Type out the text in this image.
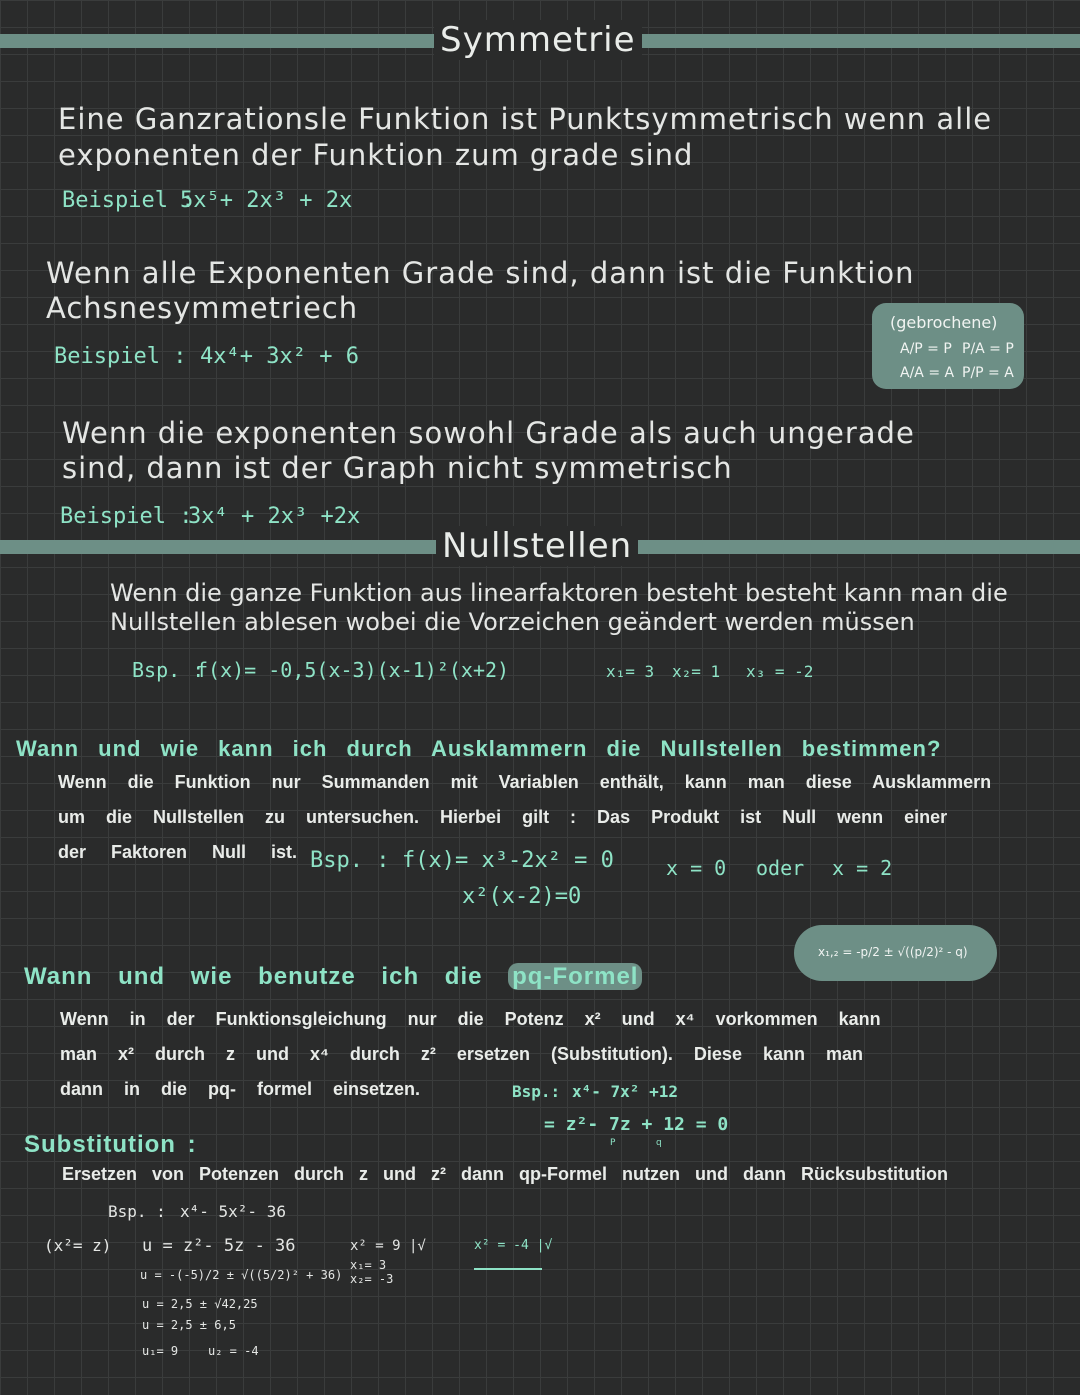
Symmetrie
Eine Ganzrationsle Funktion ist Punktsymmetrisch wenn alle
exponenten der Funktion zum grade sind
Beispiel :
5x⁵+ 2x³ + 2x
Wenn alle Exponenten Grade sind, dann ist die Funktion
Achsnesymmetriech
Beispiel : 4x⁴+ 3x² + 6
(gebrochene)
A/P = P P/A = P
A/A = A P/P = A
Wenn die exponenten sowohl Grade als auch ungerade
sind, dann ist der Graph nicht symmetrisch
Beispiel :
3x⁴ + 2x³ +2x
Nullstellen
Wenn die ganze Funktion aus linearfaktoren besteht besteht kann man die
Nullstellen ablesen wobei die Vorzeichen geändert werden müssen
Bsp. :
f(x)= -0,5(x-3)(x-1)²(x+2)	x₁= 3 x₂= 1 x₃ = -2
Wann und wie kann ich durch Ausklammern die Nullstellen bestimmen?
Wenn die Funktion nur Summanden mit Variablen enthält, kann man diese Ausklammern
um die Nullstellen zu untersuchen. Hierbei gilt : Das Produkt ist Null wenn einer
der Faktoren Null ist. Bsp. : f(x)= x³-2x² = 0
x²(x-2)=0
x = 0 oder x = 2
x₁,₂ = -p/2 ± √((p/2)² - q)
Wann und wie benutze ich die pq-Formel
Wenn in der Funktionsgleichung nur die Potenz x² und x⁴ vorkommen kann
man x² durch z und x⁴ durch z² ersetzen (Substitution). Diese kann man
dann in die pq- formel einsetzen.	Bsp.: x⁴- 7x² +12
= z²- 7z + 12 = 0
P	q
Substitution :
Ersetzen von Potenzen durch z und z² dann qp-Formel nutzen und dann Rücksubstitution
Bsp. : x⁴- 5x²- 36
(x²= z) u = z²- 5z - 36
u = -(-5)/2 ± √((5/2)² + 36)
u = 2,5 ± √42,25
u = 2,5 ± 6,5
u₁= 9 u₂ = -4
x² = 9 |√
x₁= 3
x₂= -3
x² = -4 |√
